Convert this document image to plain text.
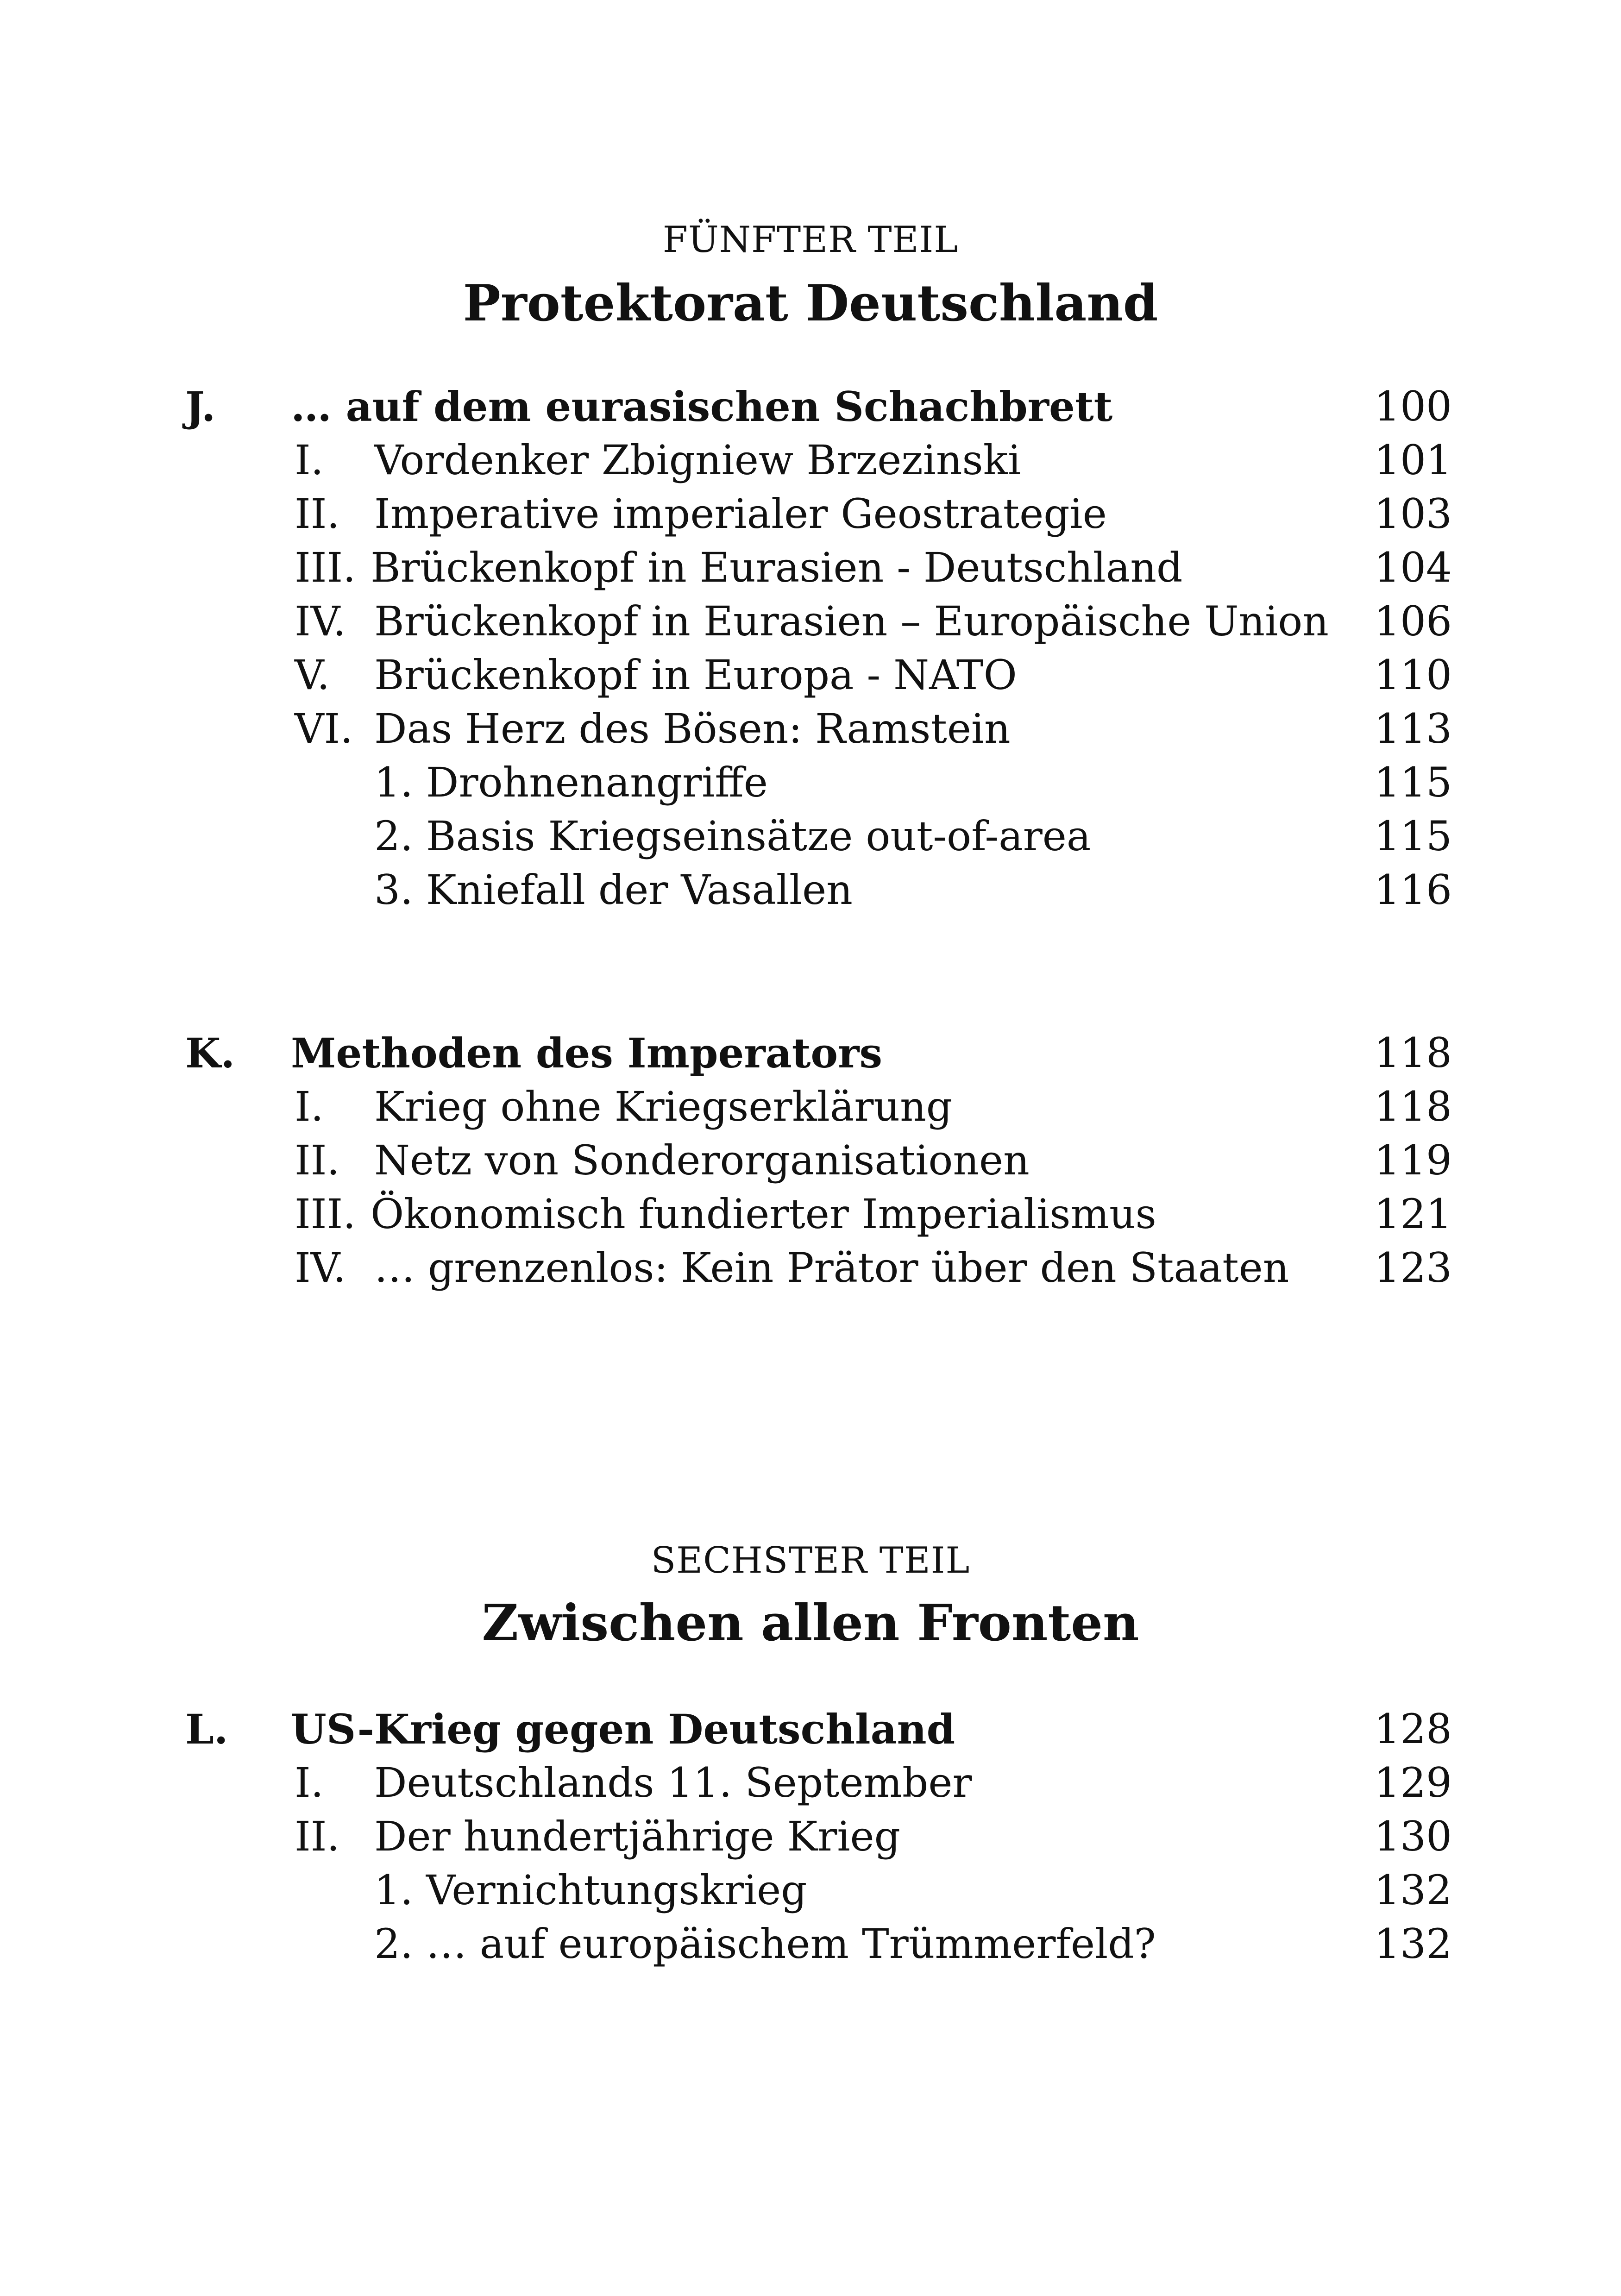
FÜNFTER TEIL
Protektorat Deutschland
J. … auf dem eurasischen Schachbrett	100
I. Vordenker Zbigniew Brzezinski	101
II. Imperative imperialer Geostrategie	103
III. Brückenkopf in Eurasien - Deutschland	104
IV. Brückenkopf in Eurasien – Europäische Union 106
V. Brückenkopf in Europa - NATO	110
VI. Das Herz des Bösen: Ramstein	113
1. Drohnenangriffe	115
2. Basis Kriegseinsätze out-of-area	115
3. Kniefall der Vasallen	116
K. Methoden des Imperators	118
I. Krieg ohne Kriegserklärung	118
II. Netz von Sonderorganisationen	119
III. Ökonomisch fundierter Imperialismus	121
IV. … grenzenlos: Kein Prätor über den Staaten 123
SECHSTER TEIL
Zwischen allen Fronten
L. US-Krieg gegen Deutschland	128
I. Deutschlands 11. September	129
II. Der hundertjährige Krieg	130
1. Vernichtungskrieg	132
2. … auf europäischem Trümmerfeld?	132
